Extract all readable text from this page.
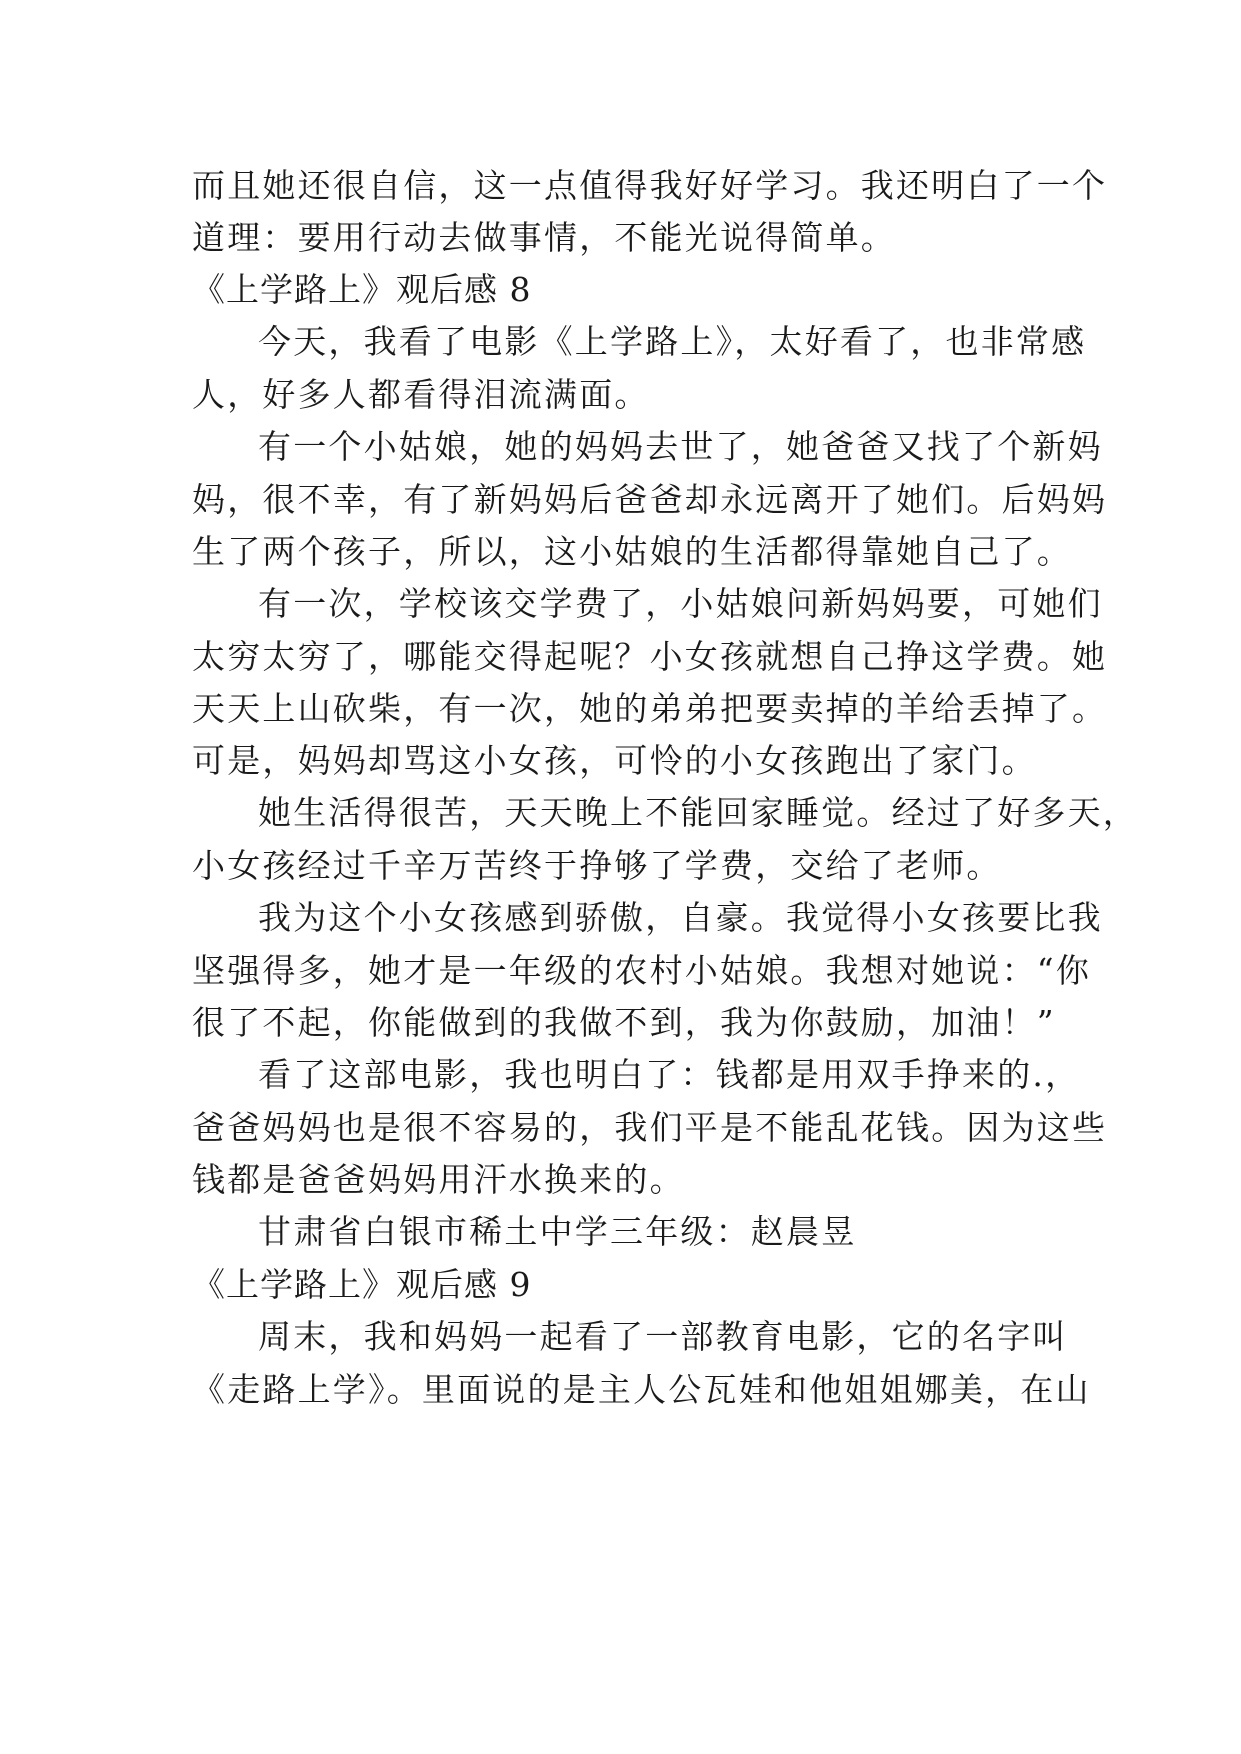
而且她还很自信，这一点值得我好好学习。我还明白了一个
道理：要用行动去做事情，不能光说得简单。
《上学路上》观后感 8
今天，我看了电影《上学路上》，太好看了，也非常感
人，好多人都看得泪流满面。
有一个小姑娘，她的妈妈去世了，她爸爸又找了个新妈
妈，很不幸，有了新妈妈后爸爸却永远离开了她们。后妈妈
生了两个孩子，所以，这小姑娘的生活都得靠她自己了。
有一次，学校该交学费了，小姑娘问新妈妈要，可她们
太穷太穷了，哪能交得起呢？小女孩就想自己挣这学费。她
天天上山砍柴，有一次，她的弟弟把要卖掉的羊给丢掉了。
可是，妈妈却骂这小女孩，可怜的小女孩跑出了家门。
她生活得很苦，天天晚上不能回家睡觉。经过了好多天，
小女孩经过千辛万苦终于挣够了学费，交给了老师。
我为这个小女孩感到骄傲，自豪。我觉得小女孩要比我
坚强得多，她才是一年级的农村小姑娘。我想对她说：“你
很了不起，你能做到的我做不到，我为你鼓励，加油！”
看了这部电影，我也明白了：钱都是用双手挣来的.，
爸爸妈妈也是很不容易的，我们平是不能乱花钱。因为这些
钱都是爸爸妈妈用汗水换来的。
甘肃省白银市稀土中学三年级：赵晨昱
《上学路上》观后感 9
周末，我和妈妈一起看了一部教育电影，它的名字叫
《走路上学》。里面说的是主人公瓦娃和他姐姐娜美，在山
